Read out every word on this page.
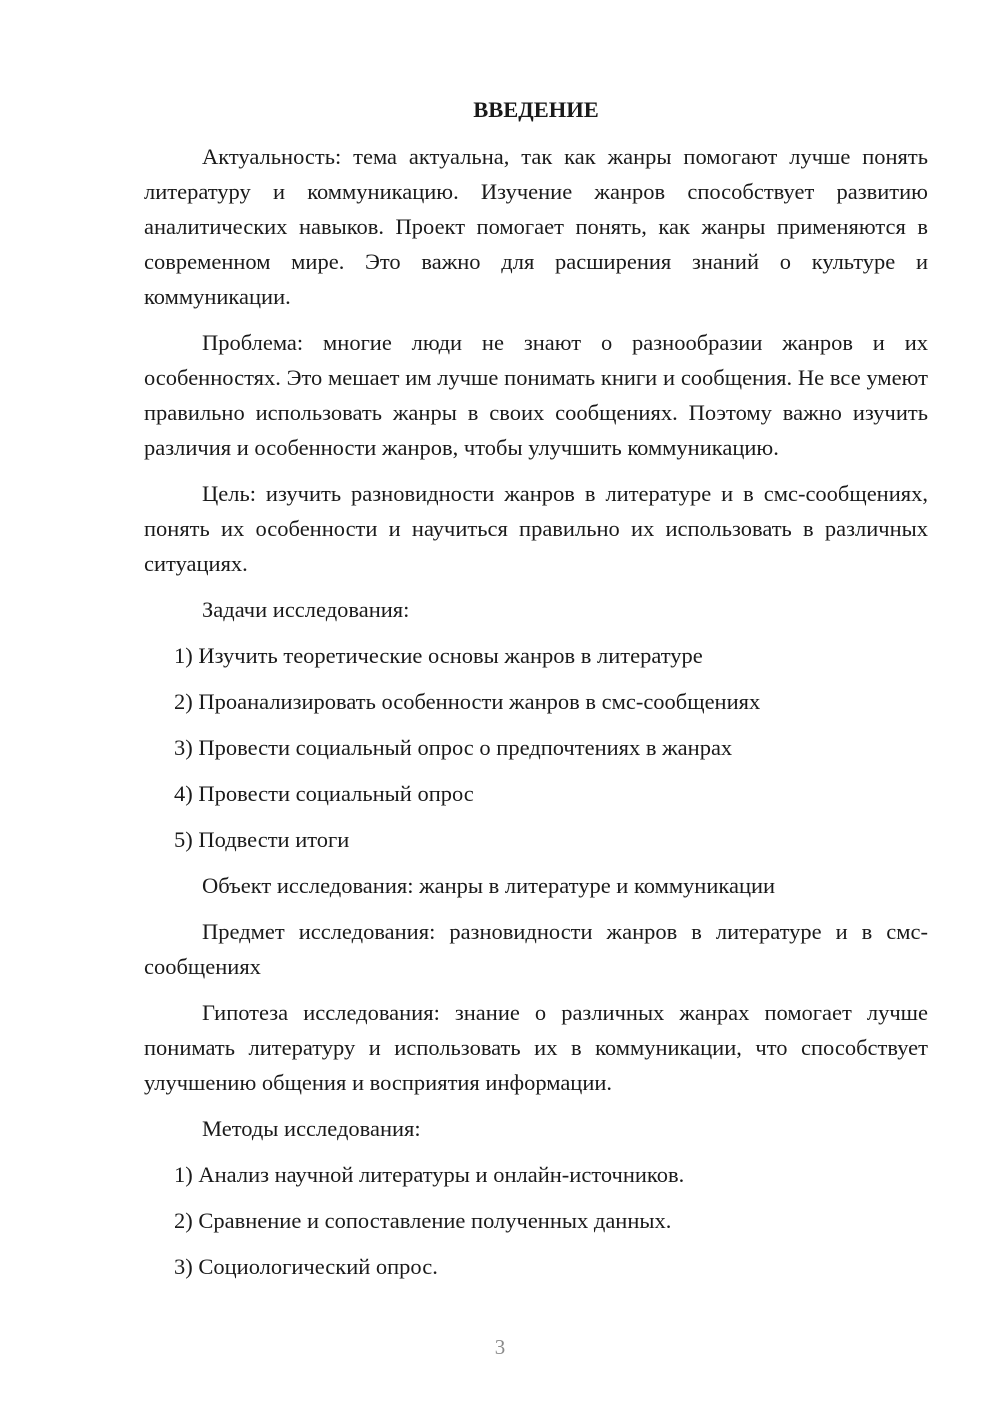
ВВЕДЕНИЕ

Актуальность: тема актуальна, так как жанры помогают лучше понять литературу и коммуникацию. Изучение жанров способствует развитию аналитических навыков. Проект помогает понять, как жанры применяются в современном мире. Это важно для расширения знаний о культуре и коммуникации.

Проблема: многие люди не знают о разнообразии жанров и их особенностях. Это мешает им лучше понимать книги и сообщения. Не все умеют правильно использовать жанры в своих сообщениях. Поэтому важно изучить различия и особенности жанров, чтобы улучшить коммуникацию.

Цель: изучить разновидности жанров в литературе и в смс-сообщениях, понять их особенности и научиться правильно их использовать в различных ситуациях.

Задачи исследования:

1) Изучить теоретические основы жанров в литературе
2) Проанализировать особенности жанров в смс-сообщениях
3) Провести социальный опрос о предпочтениях в жанрах
4) Провести социальный опрос
5) Подвести итоги

Объект исследования: жанры в литературе и коммуникации

Предмет исследования: разновидности жанров в литературе и в смс-сообщениях

Гипотеза исследования: знание о различных жанрах помогает лучше понимать литературу и использовать их в коммуникации, что способствует улучшению общения и восприятия информации.

Методы исследования:

1) Анализ научной литературы и онлайн-источников.
2) Сравнение и сопоставление полученных данных.
3) Социологический опрос.
3
